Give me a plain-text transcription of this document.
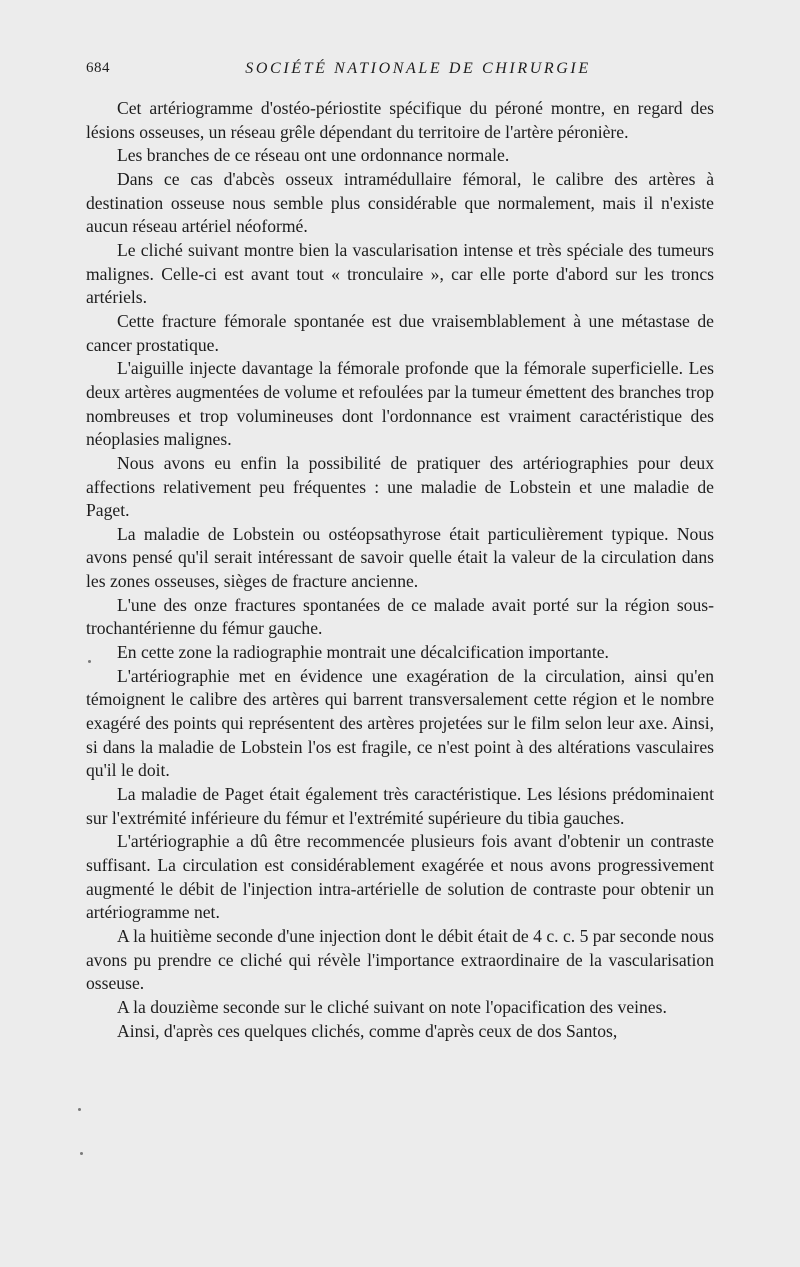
684	SOCIÉTÉ NATIONALE DE CHIRURGIE

Cet artériogramme d'ostéo-périostite spécifique du péroné montre, en regard des lésions osseuses, un réseau grêle dépendant du territoire de l'artère péronière.

Les branches de ce réseau ont une ordonnance normale.

Dans ce cas d'abcès osseux intramédullaire fémoral, le calibre des artères à destination osseuse nous semble plus considérable que normalement, mais il n'existe aucun réseau artériel néoformé.

Le cliché suivant montre bien la vascularisation intense et très spéciale des tumeurs malignes. Celle-ci est avant tout « tronculaire », car elle porte d'abord sur les troncs artériels.

Cette fracture fémorale spontanée est due vraisemblablement à une métastase de cancer prostatique.

L'aiguille injecte davantage la fémorale profonde que la fémorale superficielle. Les deux artères augmentées de volume et refoulées par la tumeur émettent des branches trop nombreuses et trop volumineuses dont l'ordonnance est vraiment caractéristique des néoplasies malignes.

Nous avons eu enfin la possibilité de pratiquer des artériographies pour deux affections relativement peu fréquentes : une maladie de Lobstein et une maladie de Paget.

La maladie de Lobstein ou ostéopsathyrose était particulièrement typique. Nous avons pensé qu'il serait intéressant de savoir quelle était la valeur de la circulation dans les zones osseuses, sièges de fracture ancienne.

L'une des onze fractures spontanées de ce malade avait porté sur la région sous-trochantérienne du fémur gauche.

En cette zone la radiographie montrait une décalcification importante.

L'artériographie met en évidence une exagération de la circulation, ainsi qu'en témoignent le calibre des artères qui barrent transversalement cette région et le nombre exagéré des points qui représentent des artères projetées sur le film selon leur axe. Ainsi, si dans la maladie de Lobstein l'os est fragile, ce n'est point à des altérations vasculaires qu'il le doit.

La maladie de Paget était également très caractéristique. Les lésions prédominaient sur l'extrémité inférieure du fémur et l'extrémité supérieure du tibia gauches.

L'artériographie a dû être recommencée plusieurs fois avant d'obtenir un contraste suffisant. La circulation est considérablement exagérée et nous avons progressivement augmenté le débit de l'injection intra-artérielle de solution de contraste pour obtenir un artériogramme net.

A la huitième seconde d'une injection dont le débit était de 4 c. c. 5 par seconde nous avons pu prendre ce cliché qui révèle l'importance extraordinaire de la vascularisation osseuse.

A la douzième seconde sur le cliché suivant on note l'opacification des veines.

Ainsi, d'après ces quelques clichés, comme d'après ceux de dos Santos,
